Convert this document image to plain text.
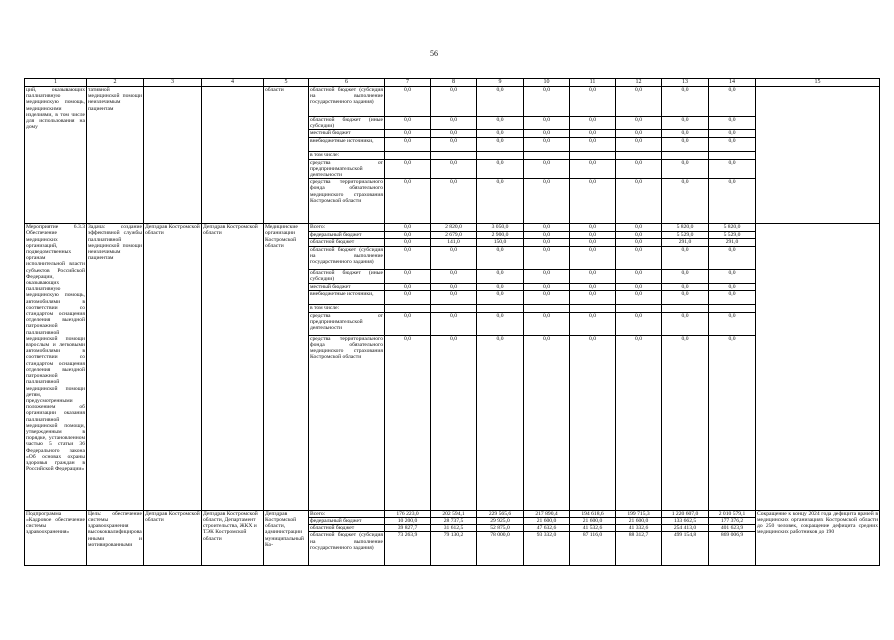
56
1	2	3	4	5	6	7	8	9	10	11	12	13	14	15
ций, оказывающих паллиативную медицинскую помощь, медицинскими изделиями, в том числе для использования на дому	тативной медицинской помощи неизлечимым пациентам			области	областной бюджет (субсидия на выполнение государственного задания)	0,0	0,0	0,0	0,0	0,0	0,0	0,0	0,0	
					областной бюджет (иные субсидии)	0,0	0,0	0,0	0,0	0,0	0,0	0,0	0,0	
					местный бюджет	0,0	0,0	0,0	0,0	0,0	0,0	0,0	0,0	
					внебюджетные источники,	0,0	0,0	0,0	0,0	0,0	0,0	0,0	0,0	
					в том числе:									
					средства от предпринимательской деятельности	0,0	0,0	0,0	0,0	0,0	0,0	0,0	0,0	
					средства территориального фонда обязательного медицинского страхования Костромской области	0,0	0,0	0,0	0,0	0,0	0,0	0,0	0,0	
Мероприятие 6.3.3 Обеспечение медицинских организаций, подведомственных органам исполнительной власти субъектов Российской Федерации, оказывающих паллиативную медицинскую помощь, автомобилями в соответствии со стандартом оснащения отделения выездной патронажной паллиативной медицинской помощи взрослым и легковыми автомобилями в соответствии со стандартом оснащения отделения выездной патронажной паллиативной медицинской помощи детям, предусмотренными положением об организации оказания паллиативной медицинской помощи, утвержденным в порядке, установленном частью 5 статьи 36 Федерального закона «Об основах охраны здоровья граждан в Российской Федерации»	Задача: создание эффективной службы паллиативной медицинской помощи неизлечимым пациентам	Депздрав Костромской области	Депздрав Костромской области	Медицинские организации Костромской области	Всего:	0,0	2 820,0	3 050,0	0,0	0,0	0,0	5 820,0	5 820,0	
					федеральный бюджет	0,0	2 679,0	2 900,0	0,0	0,0	0,0	5 529,0	5 529,0	
					областной бюджет	0,0	141,0	150,0	0,0	0,0	0,0	291,0	291,0	
					областной бюджет (субсидия на выполнение государственного задания)	0,0	0,0	0,0	0,0	0,0	0,0	0,0	0,0	
					областной бюджет (иные субсидии)	0,0	0,0	0,0	0,0	0,0	0,0	0,0	0,0	
					местный бюджет	0,0	0,0	0,0	0,0	0,0	0,0	0,0	0,0	
					внебюджетные источники,	0,0	0,0	0,0	0,0	0,0	0,0	0,0	0,0	
					в том числе:									
					средства от предпринимательской деятельности	0,0	0,0	0,0	0,0	0,0	0,0	0,0	0,0	
					средства территориального фонда обязательного медицинского страхования Костромской области	0,0	0,0	0,0	0,0	0,0	0,0	0,0	0,0	
Подпрограмма «Кадровое обеспечение системы здравоохранения»	Цель: обеспечение системы здравоохранения высококвалифицированными и мотивированными	Депздрав Костромской области	Депздрав Костромской области, Департамент строительства, ЖКХ и ТЭК Костромской области	Депздрав Костромской области, администрации муниципальный Ко-	Всего:	176 223,0	202 594,1	229 565,6	217 890,4	194 618,6	199 715,3	1 220 607,0	2 010 579,1	Сокращение к концу 2024 года дефицита врачей в медицинских организациях Костромской области до 250 человек, сокращение дефицита средних медицинских работников до 190
					федеральный бюджет	10 200,0	28 737,5	29 925,0	21 600,0	21 600,0	21 600,0	133 662,5	177 376,2	
					областной бюджет	39 827,7	31 612,5	52 875,0	47 632,6	41 532,6	41 332,6	254 413,0	401 623,9	
					областной бюджет (субсидия на выполнение государственного задания)	73 263,9	79 130,2	78 000,0	93 332,0	87 116,0	88 312,7	499 154,8	869 006,9	
